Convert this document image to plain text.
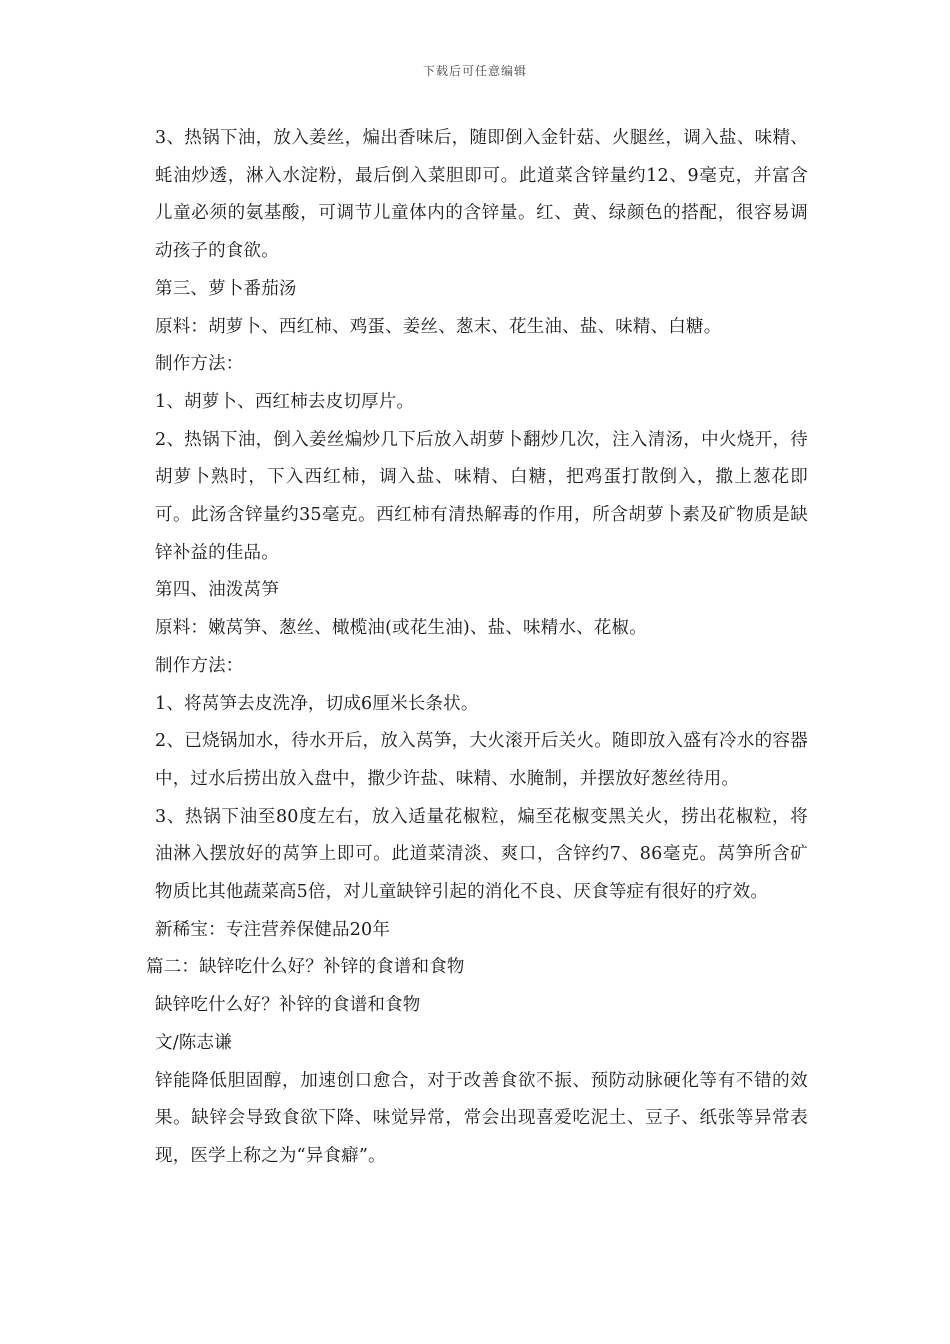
下载后可任意编辑

3、热锅下油，放入姜丝，煸出香味后，随即倒入金针菇、火腿丝，调入盐、味精、蚝油炒透，淋入水淀粉，最后倒入菜胆即可。此道菜含锌量约12、9毫克，并富含儿童必须的氨基酸，可调节儿童体内的含锌量。红、黄、绿颜色的搭配，很容易调动孩子的食欲。

第三、萝卜番茄汤

原料：胡萝卜、西红柿、鸡蛋、姜丝、葱末、花生油、盐、味精、白糖。

制作方法：

1、胡萝卜、西红柿去皮切厚片。

2、热锅下油，倒入姜丝煸炒几下后放入胡萝卜翻炒几次，注入清汤，中火烧开，待胡萝卜熟时，下入西红柿，调入盐、味精、白糖，把鸡蛋打散倒入，撒上葱花即可。此汤含锌量约35毫克。西红柿有清热解毒的作用，所含胡萝卜素及矿物质是缺锌补益的佳品。

第四、油泼莴笋

原料：嫩莴笋、葱丝、橄榄油(或花生油)、盐、味精水、花椒。

制作方法：

1、将莴笋去皮洗净，切成6厘米长条状。

2、已烧锅加水，待水开后，放入莴笋，大火滚开后关火。随即放入盛有冷水的容器中，过水后捞出放入盘中，撒少许盐、味精、水腌制，并摆放好葱丝待用。

3、热锅下油至80度左右，放入适量花椒粒，煸至花椒变黑关火，捞出花椒粒，将油淋入摆放好的莴笋上即可。此道菜清淡、爽口，含锌约7、86毫克。莴笋所含矿物质比其他蔬菜高5倍，对儿童缺锌引起的消化不良、厌食等症有很好的疗效。

新稀宝：专注营养保健品20年

篇二：缺锌吃什么好？补锌的食谱和食物

缺锌吃什么好？补锌的食谱和食物

文/陈志谦

锌能降低胆固醇，加速创口愈合，对于改善食欲不振、预防动脉硬化等有不错的效果。缺锌会导致食欲下降、味觉异常，常会出现喜爱吃泥土、豆子、纸张等异常表现，医学上称之为“异食癖”。
